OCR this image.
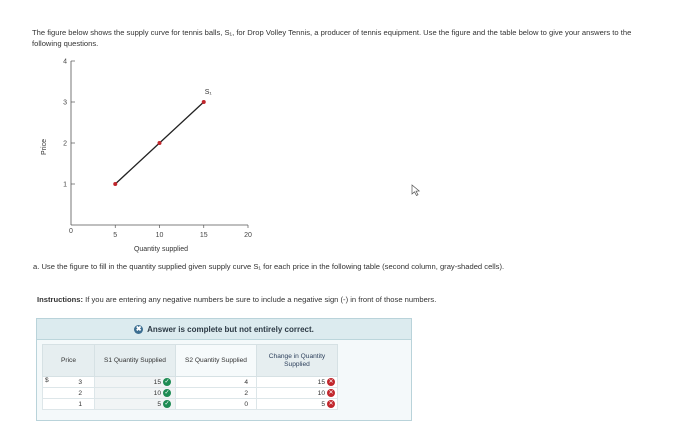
The figure below shows the supply curve for tennis balls, S₁, for Drop Volley Tennis, a producer of tennis equipment. Use the figure and the table below to give your answers to the following questions.
5	10	15	20
1
2
3
4
S₁
Quantity supplied
Price
0
a. Use the figure to fill in the quantity supplied given supply curve S₁ for each price in the following table (second column, gray-shaded cells).
Instructions: If you are entering any negative numbers be sure to include a negative sign (-) in front of those numbers.
✖ Answer is complete but not entirely correct.
Price	S1 Quantity Supplied	S2 Quantity Supplied	Change in Quantity Supplied

$ 3	15 ✓	4	15 ✕
2	10 ✓	2	10 ✕
1	5 ✓	0	5 ✕
